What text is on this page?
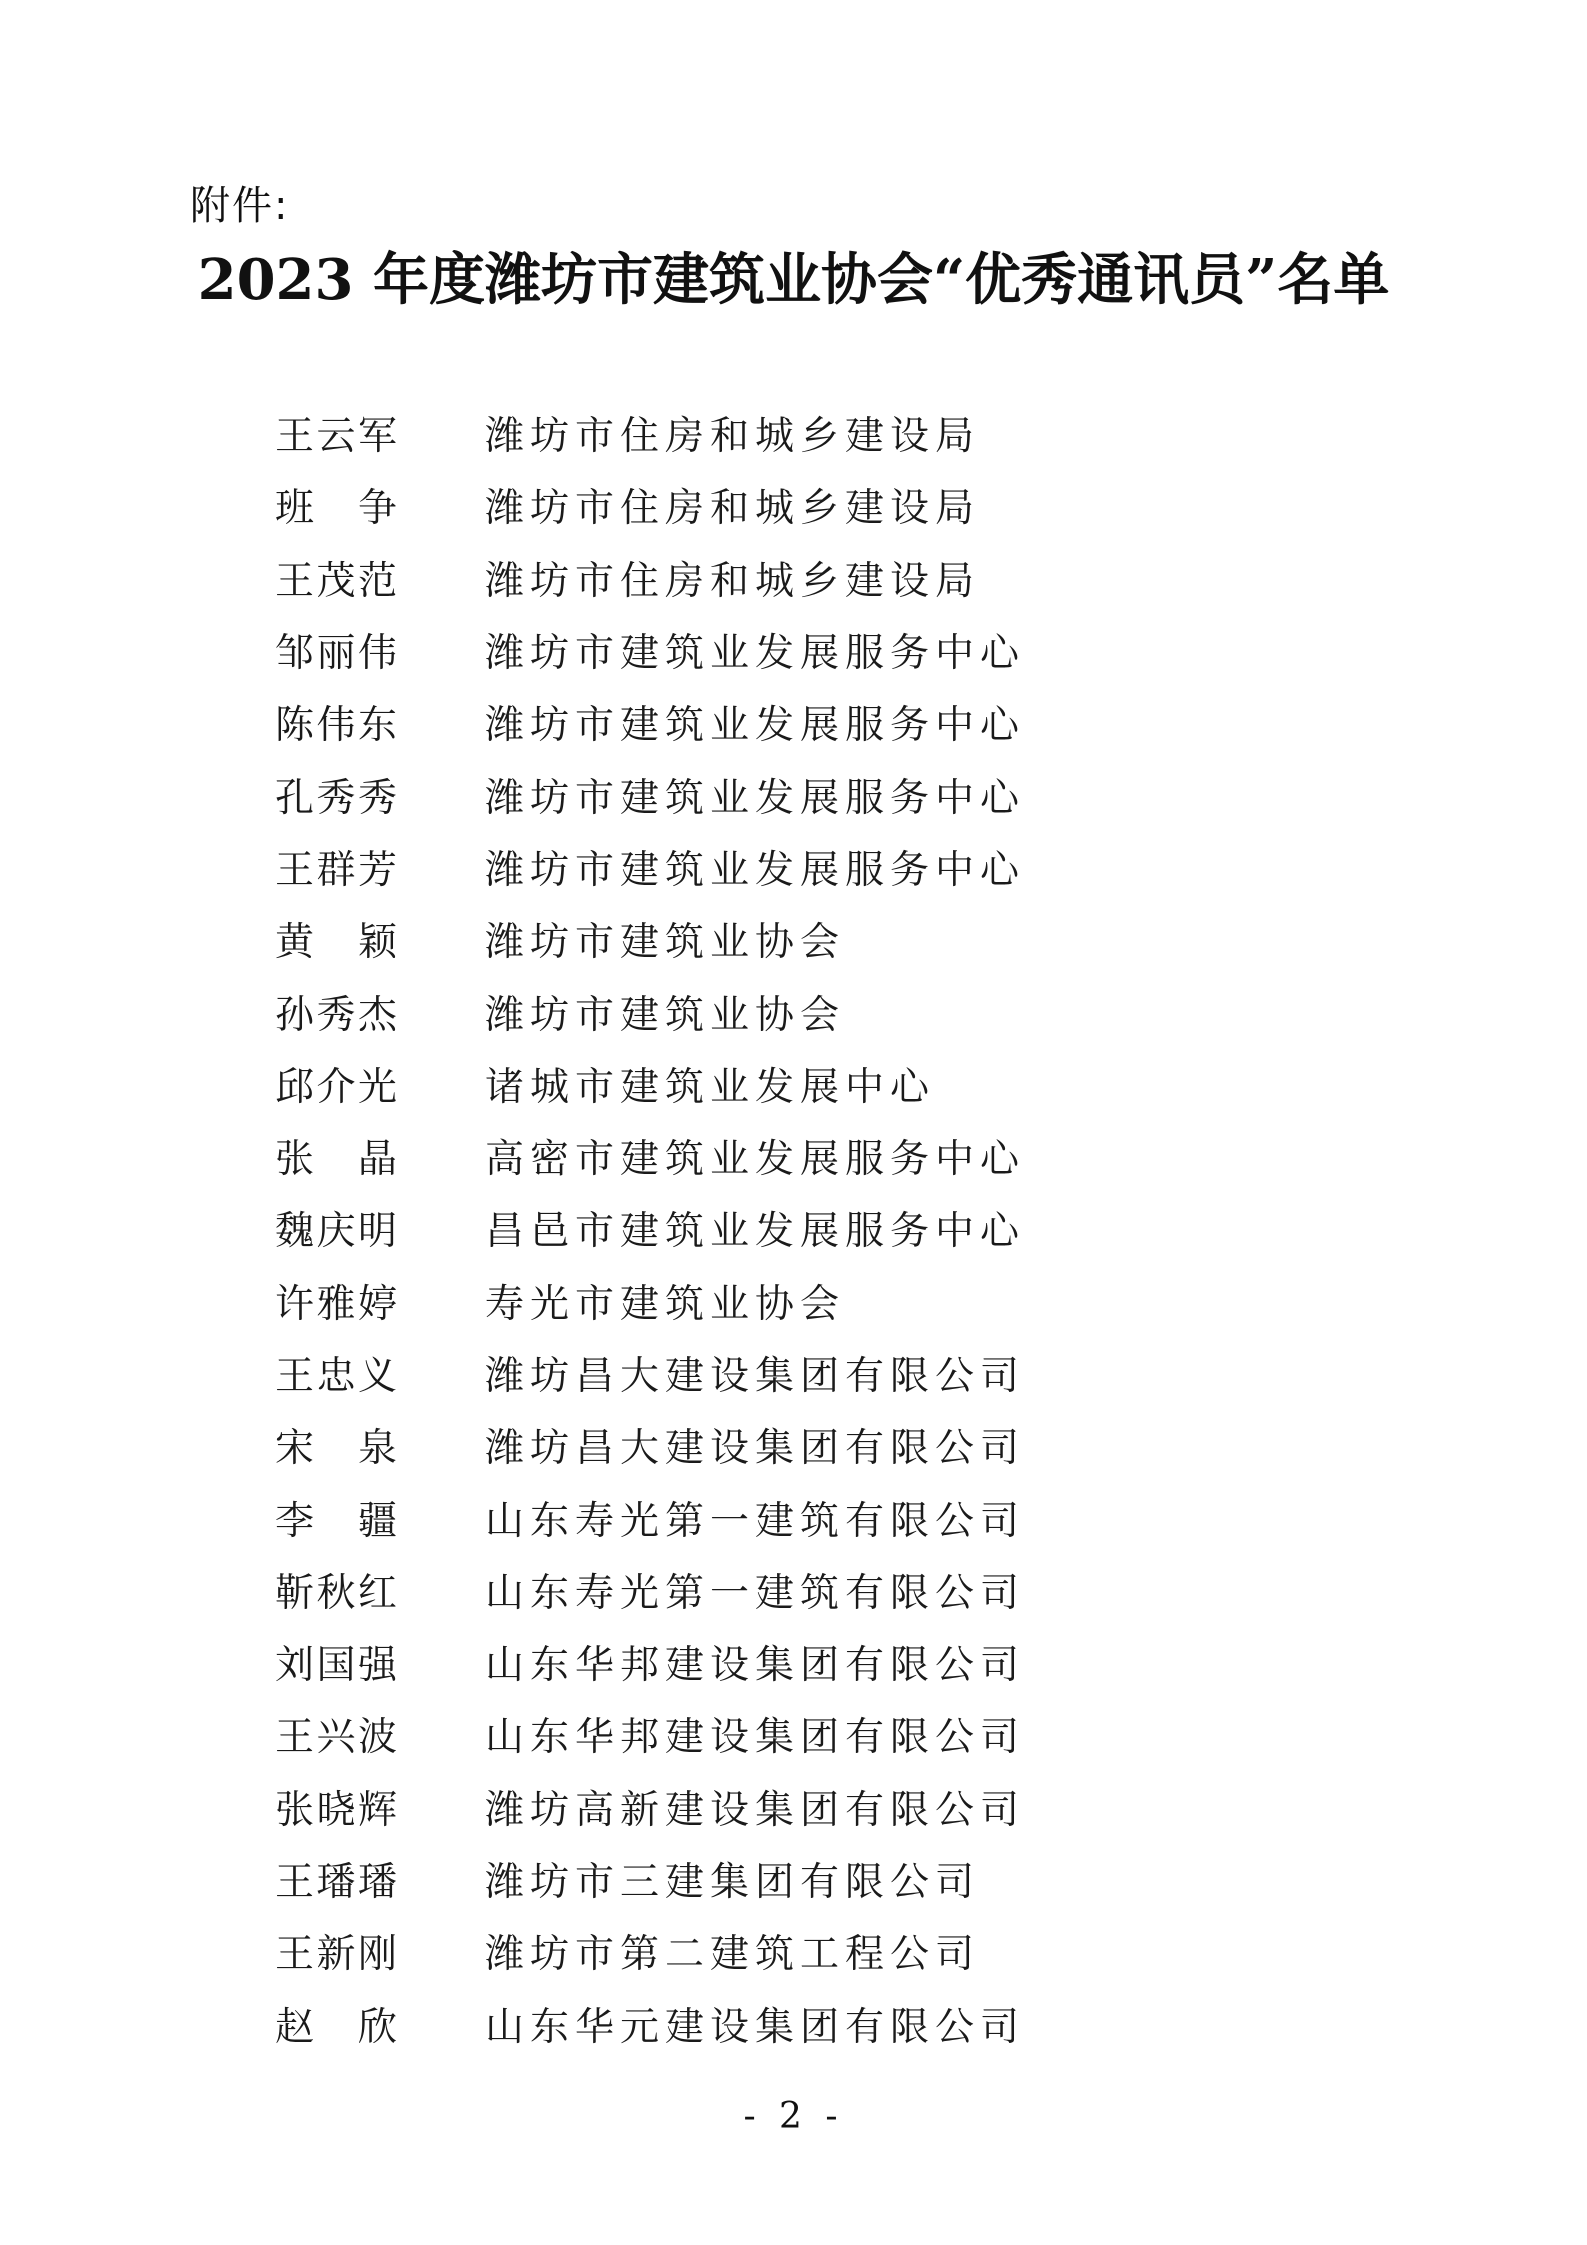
附件:
2023 年度潍坊市建筑业协会“优秀通讯员”名单
王云军	潍坊市住房和城乡建设局
班　争	潍坊市住房和城乡建设局
王茂范	潍坊市住房和城乡建设局
邹丽伟	潍坊市建筑业发展服务中心
陈伟东	潍坊市建筑业发展服务中心
孔秀秀	潍坊市建筑业发展服务中心
王群芳	潍坊市建筑业发展服务中心
黄　颖	潍坊市建筑业协会
孙秀杰	潍坊市建筑业协会
邱介光	诸城市建筑业发展中心
张　晶	高密市建筑业发展服务中心
魏庆明	昌邑市建筑业发展服务中心
许雅婷	寿光市建筑业协会
王忠义	潍坊昌大建设集团有限公司
宋　泉	潍坊昌大建设集团有限公司
李　疆	山东寿光第一建筑有限公司
靳秋红	山东寿光第一建筑有限公司
刘国强	山东华邦建设集团有限公司
王兴波	山东华邦建设集团有限公司
张晓辉	潍坊高新建设集团有限公司
王璠璠	潍坊市三建集团有限公司
王新刚	潍坊市第二建筑工程公司
赵　欣	山东华元建设集团有限公司
- 2 -
